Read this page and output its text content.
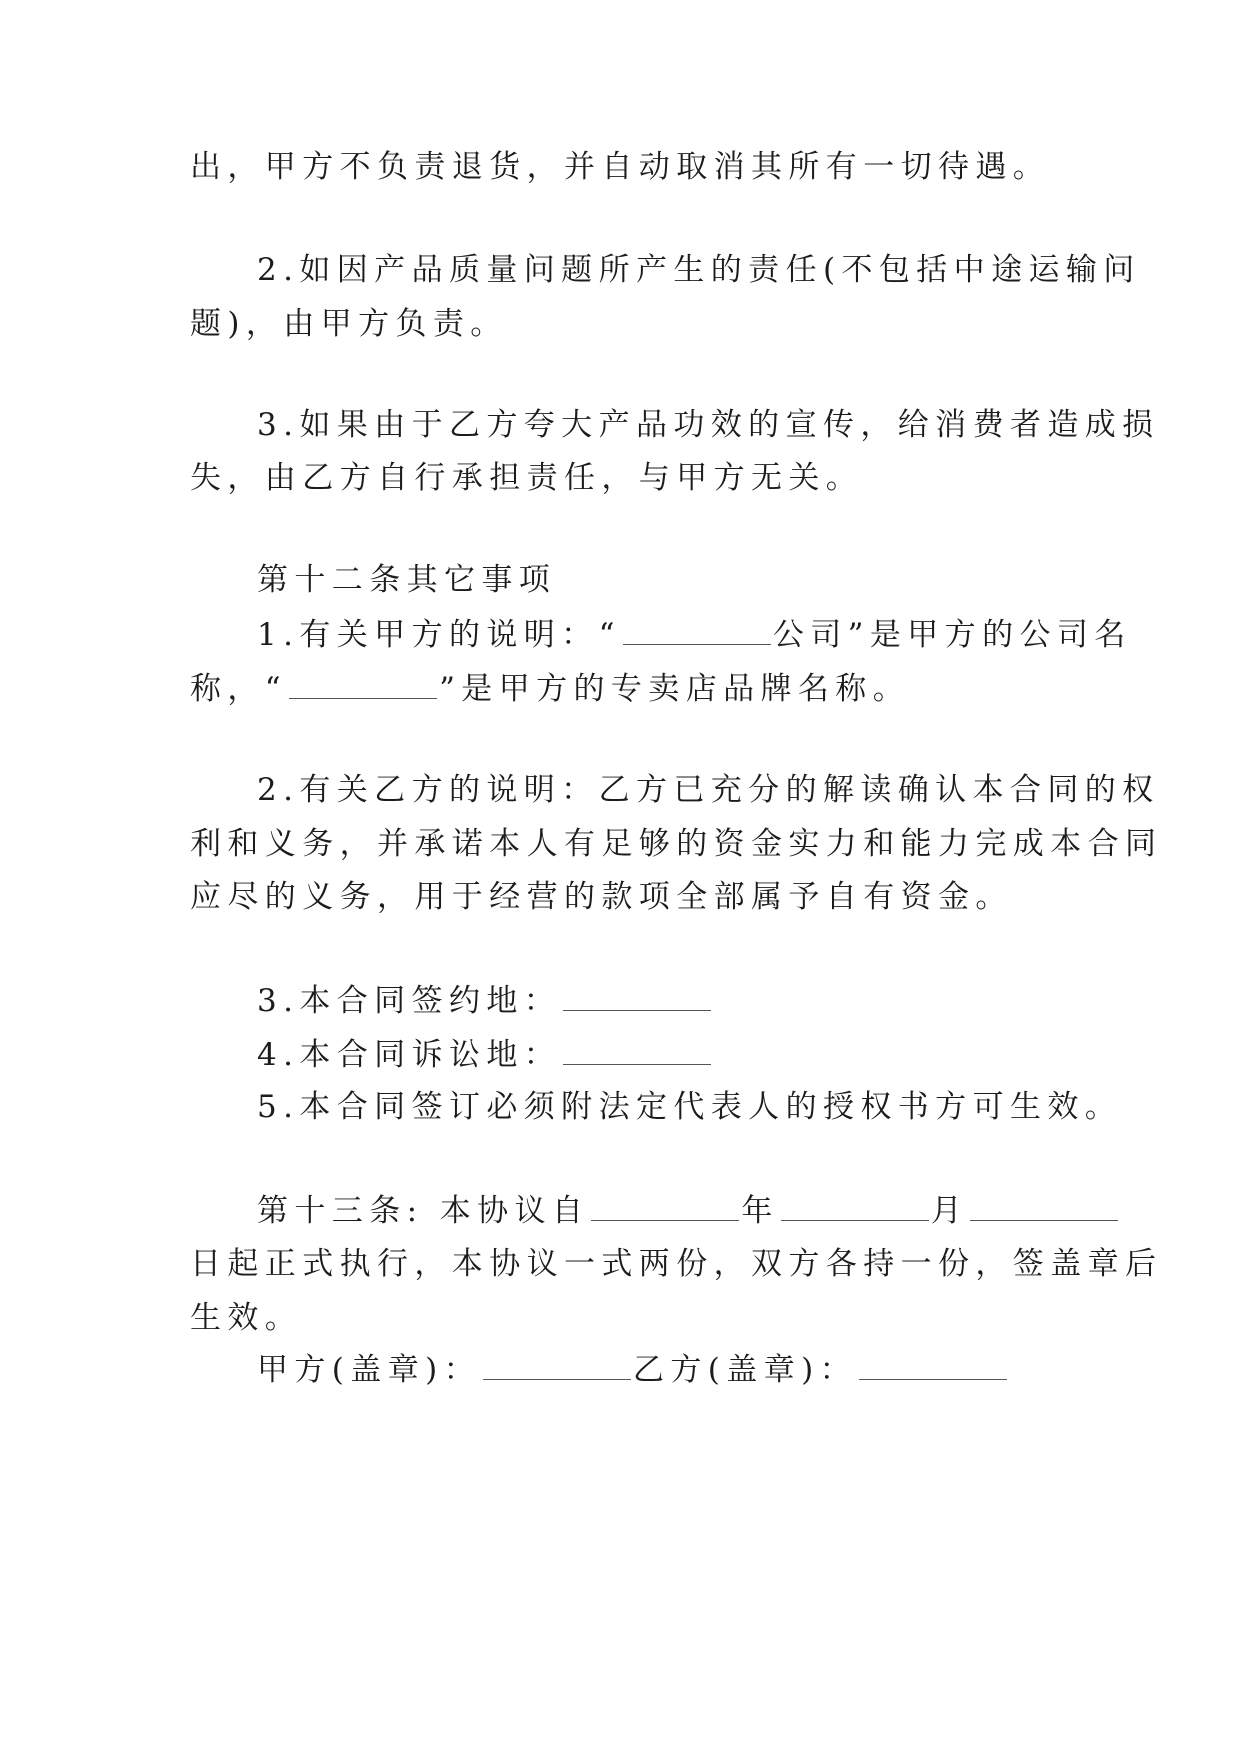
出，甲方不负责退货，并自动取消其所有一切待遇。
2.如因产品质量问题所产生的责任(不包括中途运输问
题)，由甲方负责。
3.如果由于乙方夸大产品功效的宣传，给消费者造成损
失，由乙方自行承担责任，与甲方无关。
第十二条其它事项
1.有关甲方的说明：“	公司”是甲方的公司名
称，“	”是甲方的专卖店品牌名称。
2.有关乙方的说明：乙方已充分的解读确认本合同的权
利和义务，并承诺本人有足够的资金实力和能力完成本合同
应尽的义务，用于经营的款项全部属予自有资金。
3.本合同签约地：
4.本合同诉讼地：
5.本合同签订必须附法定代表人的授权书方可生效。
第十三条: 本协议自	年	月
日起正式执行，本协议一式两份，双方各持一份，签盖章后
生效。
甲方(盖章)：	乙方(盖章)：
